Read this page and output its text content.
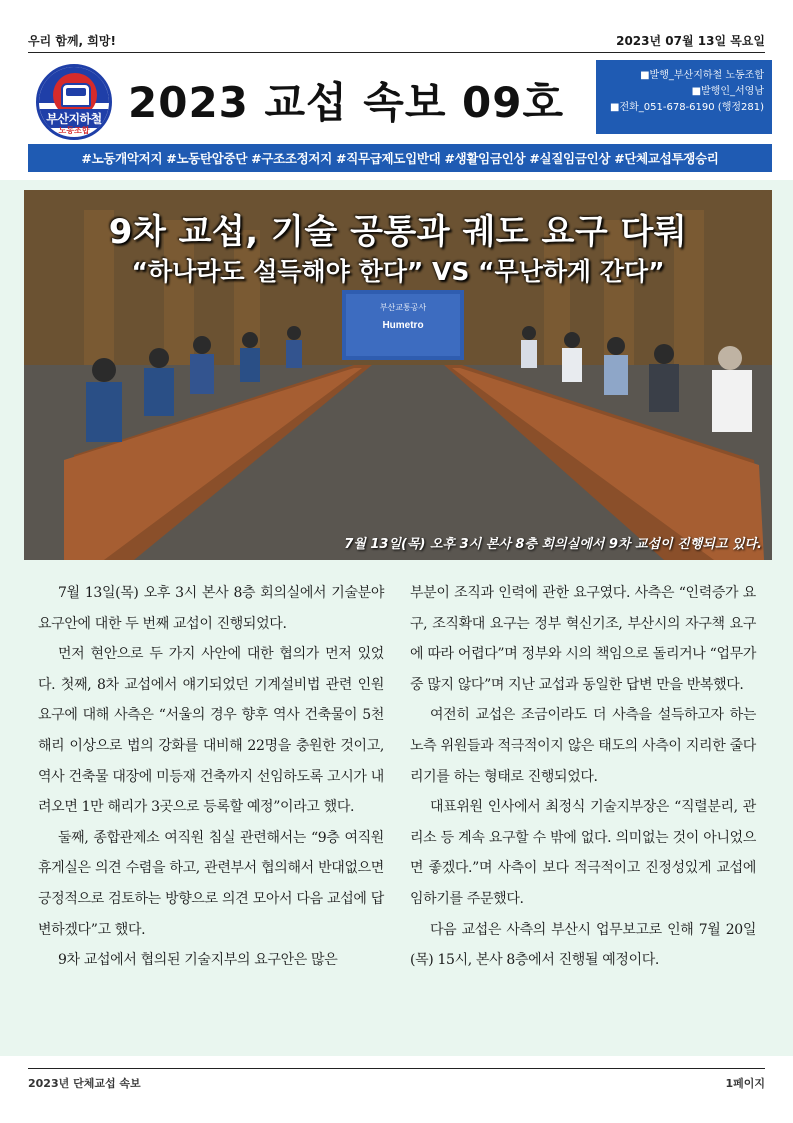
우리 함께, 희망!	2023년 07월 13일 목요일
부산지하철
노동조합
2023 교섭 속보 09호
■발행_부산지하철 노동조합
■발행인_서영남
■전화_051-678-6190 (행정281)
#노동개악저지 #노동탄압중단 #구조조정저지 #직무급제도입반대 #생활임금인상 #실질임금인상 #단체교섭투쟁승리
부산교통공사
Humetro
9차 교섭, 기술 공통과 궤도 요구 다뤄
“하나라도 설득해야 한다” VS “무난하게 간다”
7월 13일(목) 오후 3시 본사 8층 회의실에서 9차 교섭이 진행되고 있다.

7월 13일(목) 오후 3시 본사 8층 회의실에서 기술분야 요구안에 대한 두 번째 교섭이 진행되었다.

먼저 현안으로 두 가지 사안에 대한 협의가 먼저 있었다. 첫째, 8차 교섭에서 얘기되었던 기계설비법 관련 인원 요구에 대해 사측은 “서울의 경우 향후 역사 건축물이 5천 해리 이상으로 법의 강화를 대비해 22명을 충원한 것이고, 역사 건축물 대장에 미등재 건축까지 선임하도록 고시가 내려오면 1만 해리가 3곳으로 등록할 예정”이라고 했다.

둘째, 종합관제소 여직원 침실 관련해서는 “9층 여직원 휴게실은 의견 수렴을 하고, 관련부서 협의해서 반대없으면 긍정적으로 검토하는 방향으로 의견 모아서 다음 교섭에 답변하겠다”고 했다.

9차 교섭에서 협의된 기술지부의 요구안은 많은

부분이 조직과 인력에 관한 요구였다. 사측은 “인력증가 요구, 조직확대 요구는 정부 혁신기조, 부산시의 자구책 요구에 따라 어렵다”며 정부와 시의 책임으로 돌리거나 “업무가중 많지 않다”며 지난 교섭과 동일한 답변 만을 반복했다.

여전히 교섭은 조금이라도 더 사측을 설득하고자 하는 노측 위원들과 적극적이지 않은 태도의 사측이 지리한 줄다리기를 하는 형태로 진행되었다.

대표위원 인사에서 최정식 기술지부장은 “직렬분리, 관리소 등 계속 요구할 수 밖에 없다. 의미없는 것이 아니었으면 좋겠다.”며 사측이 보다 적극적이고 진정성있게 교섭에 임하기를 주문했다.

다음 교섭은 사측의 부산시 업무보고로 인해 7월 20일(목) 15시, 본사 8층에서 진행될 예정이다.

2023년 단체교섭 속보	1페이지
